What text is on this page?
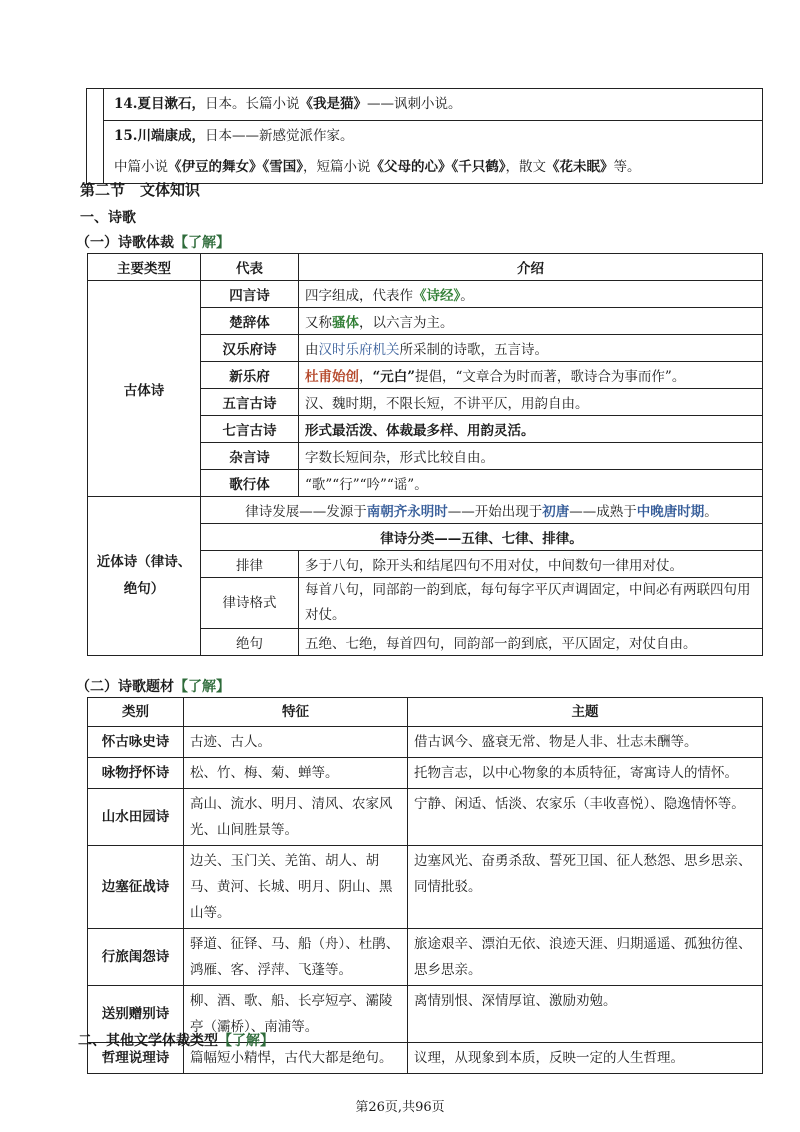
	14.夏目漱石，日本。长篇小说《我是猫》——讽刺小说。
15.川端康成，日本——新感觉派作家。
中篇小说《伊豆的舞女》《雪国》，短篇小说《父母的心》《千只鹤》，散文《花未眠》等。
第二节　文体知识
一、诗歌
（一）诗歌体裁【了解】
主要类型	代表	介绍
古体诗	四言诗	四字组成，代表作《诗经》。
	楚辞体	又称骚体，以六言为主。
	汉乐府诗	由汉时乐府机关所采制的诗歌，五言诗。
	新乐府	杜甫始创，“元白”提倡，“文章合为时而著，歌诗合为事而作”。
	五言古诗	汉、魏时期，不限长短，不讲平仄，用韵自由。
	七言古诗	形式最活泼、体裁最多样、用韵灵活。
	杂言诗	字数长短间杂，形式比较自由。
	歌行体	“歌”“行”“吟”“谣”。
近体诗（律诗、绝句）	律诗发展——发源于南朝齐永明时——开始出现于初唐——成熟于中晚唐时期。	
	律诗分类——五律、七律、排律。	
	排律	多于八句，除开头和结尾四句不用对仗，中间数句一律用对仗。
	律诗格式	每首八句，同部韵一韵到底，每句每字平仄声调固定，中间必有两联四句用对仗。
	绝句	五绝、七绝，每首四句，同韵部一韵到底，平仄固定，对仗自由。
（二）诗歌题材【了解】
类别	特征	主题
怀古咏史诗	古迹、古人。	借古讽今、盛衰无常、物是人非、壮志未酬等。
咏物抒怀诗	松、竹、梅、菊、蝉等。	托物言志，以中心物象的本质特征，寄寓诗人的情怀。
山水田园诗	高山、流水、明月、清风、农家风光、山间胜景等。	宁静、闲适、恬淡、农家乐（丰收喜悦）、隐逸情怀等。
边塞征战诗	边关、玉门关、羌笛、胡人、胡马、黄河、长城、明月、阴山、黑山等。	边塞风光、奋勇杀敌、誓死卫国、征人愁怨、思乡思亲、同情批驳。
行旅闺怨诗	驿道、征铎、马、船（舟）、杜鹃、鸿雁、客、浮萍、飞蓬等。	旅途艰辛、漂泊无依、浪迹天涯、归期遥遥、孤独彷徨、思乡思亲。
送别赠别诗	柳、酒、歌、船、长亭短亭、灞陵亭（灞桥）、南浦等。	离情别恨、深情厚谊、激励劝勉。
哲理说理诗	篇幅短小精悍，古代大都是绝句。	议理，从现象到本质，反映一定的人生哲理。
二、其他文学体裁类型【了解】
第26页,共96页
